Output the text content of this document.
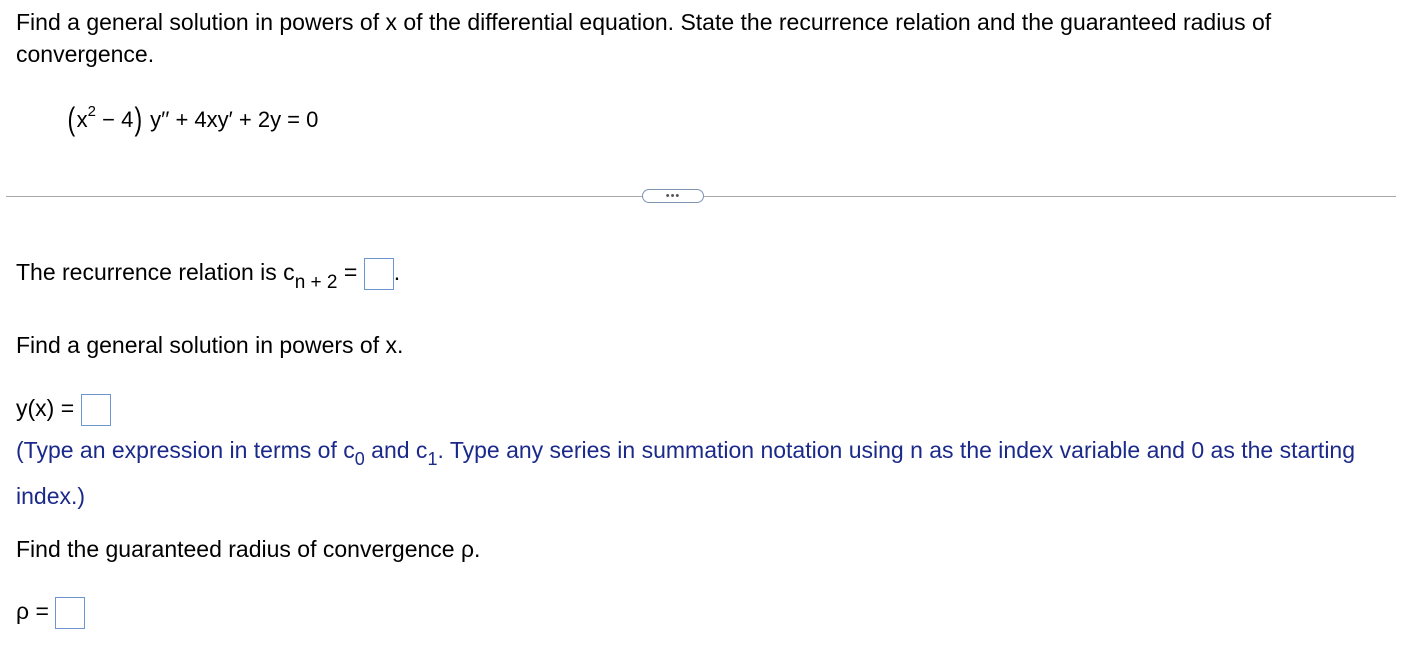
Find a general solution in powers of x of the differential equation. State the recurrence relation and the guaranteed radius of convergence.
$(x^2 - 4) y'' + 4xy' + 2y = 0$
•••
The recurrence relation is $c_{n + 2}$ = .
Find a general solution in powers of x.
y(x) =
(Type an expression in terms of $c_0$ and $c_1$. Type any series in summation notation using n as the index variable and 0 as the starting index.)
Find the guaranteed radius of convergence ρ.
ρ =
